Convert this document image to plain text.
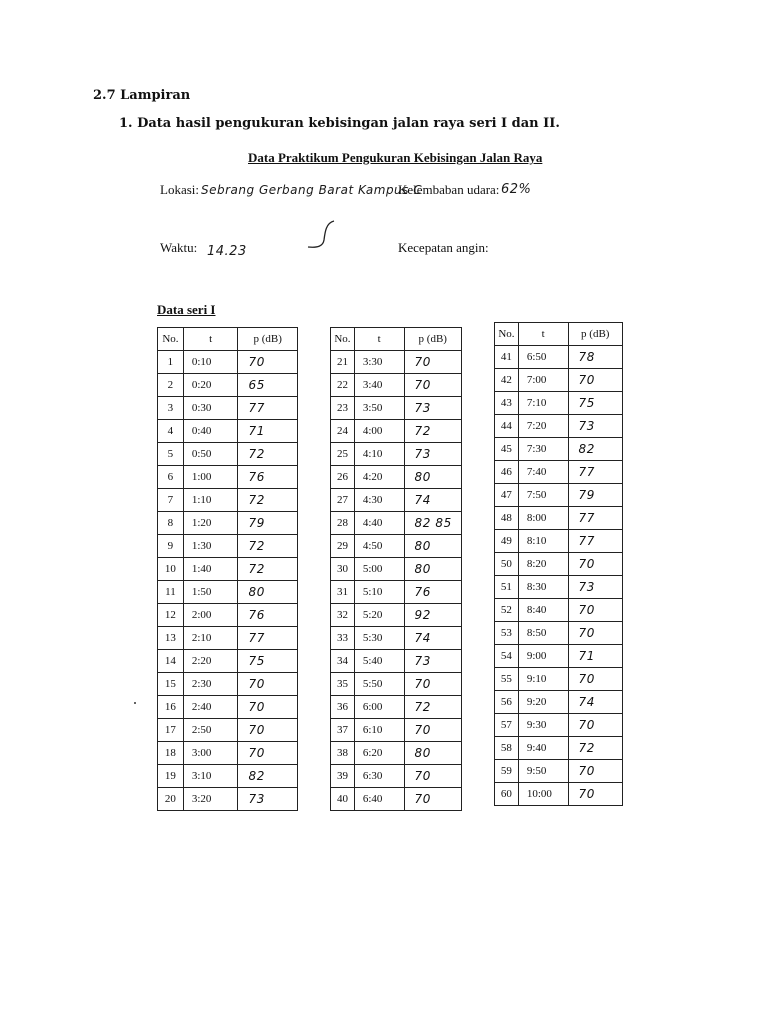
2.7 Lampiran
1. Data hasil pengukuran kebisingan jalan raya seri I dan II.
Data Praktikum Pengukuran Kebisingan Jalan Raya
Lokasi: Sebrang Gerbang Barat Kampus C
Kelembaban udara: 62%
Waktu: 14.23	Kecepatan angin:
Data seri I
No.	t	p (dB)
1	0:10	70
2	0:20	65
3	0:30	77
4	0:40	71
5	0:50	72
6	1:00	76
7	1:10	72
8	1:20	79
9	1:30	72
10	1:40	72
11	1:50	80
12	2:00	76
13	2:10	77
14	2:20	75
15	2:30	70
16	2:40	70
17	2:50	70
18	3:00	70
19	3:10	82
20	3:20	73
No.	t	p (dB)
21	3:30	70
22	3:40	70
23	3:50	73
24	4:00	72
25	4:10	73
26	4:20	80
27	4:30	74
28	4:40	82 85
29	4:50	80
30	5:00	80
31	5:10	76
32	5:20	92
33	5:30	74
34	5:40	73
35	5:50	70
36	6:00	72
37	6:10	70
38	6:20	80
39	6:30	70
40	6:40	70
No.	t	p (dB)
41	6:50	78
42	7:00	70
43	7:10	75
44	7:20	73
45	7:30	82
46	7:40	77
47	7:50	79
48	8:00	77
49	8:10	77
50	8:20	70
51	8:30	73
52	8:40	70
53	8:50	70
54	9:00	71
55	9:10	70
56	9:20	74
57	9:30	70
58	9:40	72
59	9:50	70
60	10:00	70
